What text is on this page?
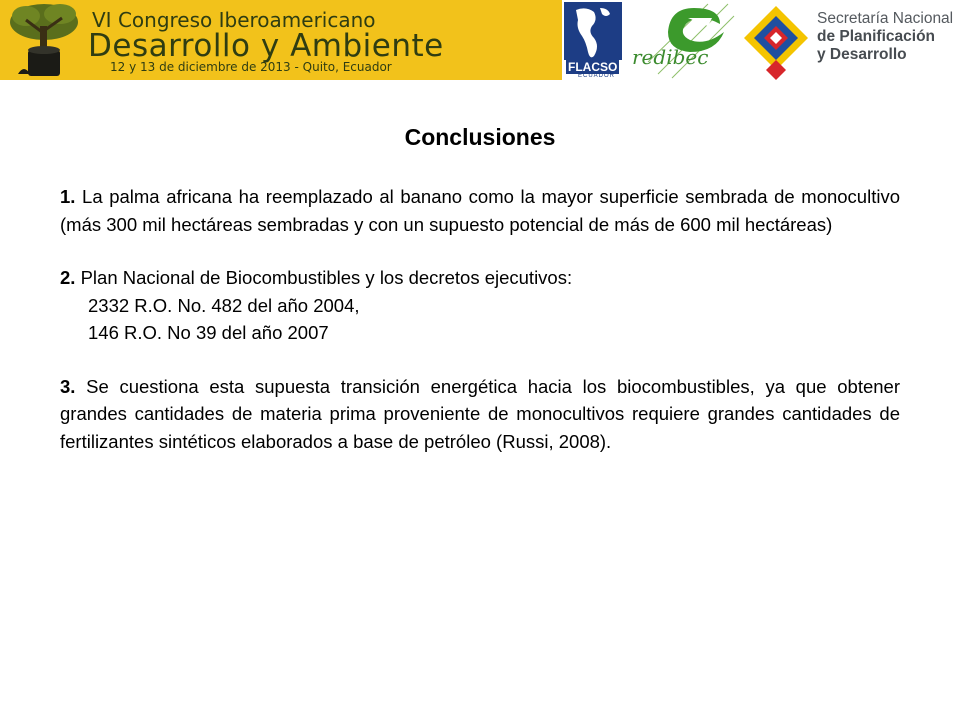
VI Congreso Iberoamericano
Desarrollo y Ambiente
12 y 13 de diciembre de 2013 - Quito, Ecuador	FLACSO
ECUADOR
redibec
Secretaría Nacional
de Planificación
y Desarrollo
Conclusiones

1. La palma africana ha reemplazado al banano como la mayor superficie sembrada de monocultivo (más 300 mil hectáreas sembradas y con un supuesto potencial de más de 600 mil hectáreas)

2. Plan Nacional de Biocombustibles y los decretos ejecutivos:

2332 R.O. No. 482 del año 2004,
146 R.O. No 39 del año 2007

3. Se cuestiona esta supuesta transición energética hacia los biocombustibles, ya que obtener grandes cantidades de materia prima proveniente de monocultivos requiere grandes cantidades de fertilizantes sintéticos elaborados a base de petróleo (Russi, 2008).
